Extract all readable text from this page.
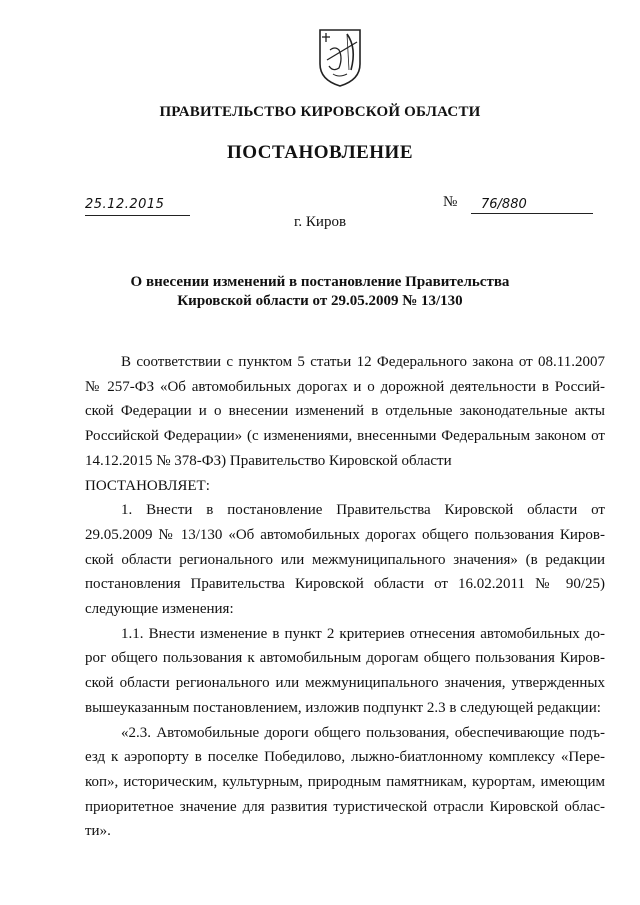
ПРАВИТЕЛЬСТВО КИРОВСКОЙ ОБЛАСТИ
ПОСТАНОВЛЕНИЕ
25.12.2015	№	76/880
г. Киров
О внесении изменений в постановление Правительства
Кировской области от 29.05.2009 № 13/130

В соответствии с пунктом 5 статьи 12 Федерального закона от 08.11.2007 № 257-ФЗ «Об автомобильных дорогах и о дорожной деятельности в Российской Федерации и о внесении изменений в отдельные законодательные акты Российской Федерации» (с изменениями, внесенными Федеральным законом от 14.12.2015 № 378-ФЗ) Правительство Кировской области

ПОСТАНОВЛЯЕТ:

1. Внести в постановление Правительства Кировской области от 29.05.2009 № 13/130 «Об автомобильных дорогах общего пользования Кировской области регионального или межмуниципального значения» (в редакции постановления Правительства Кировской области от 16.02.2011 № 90/25) следующие изменения:

1.1. Внести изменение в пункт 2 критериев отнесения автомобильных дорог общего пользования к автомобильным дорогам общего пользования Кировской области регионального или межмуниципального значения, утвержденных вышеуказанным постановлением, изложив подпункт 2.3 в следующей редакции:

«2.3. Автомобильные дороги общего пользования, обеспечивающие подъезд к аэропорту в поселке Победилово, лыжно-биатлонному комплексу «Перекоп», историческим, культурным, природным памятникам, курортам, имеющим приоритетное значение для развития туристической отрасли Кировской области».
